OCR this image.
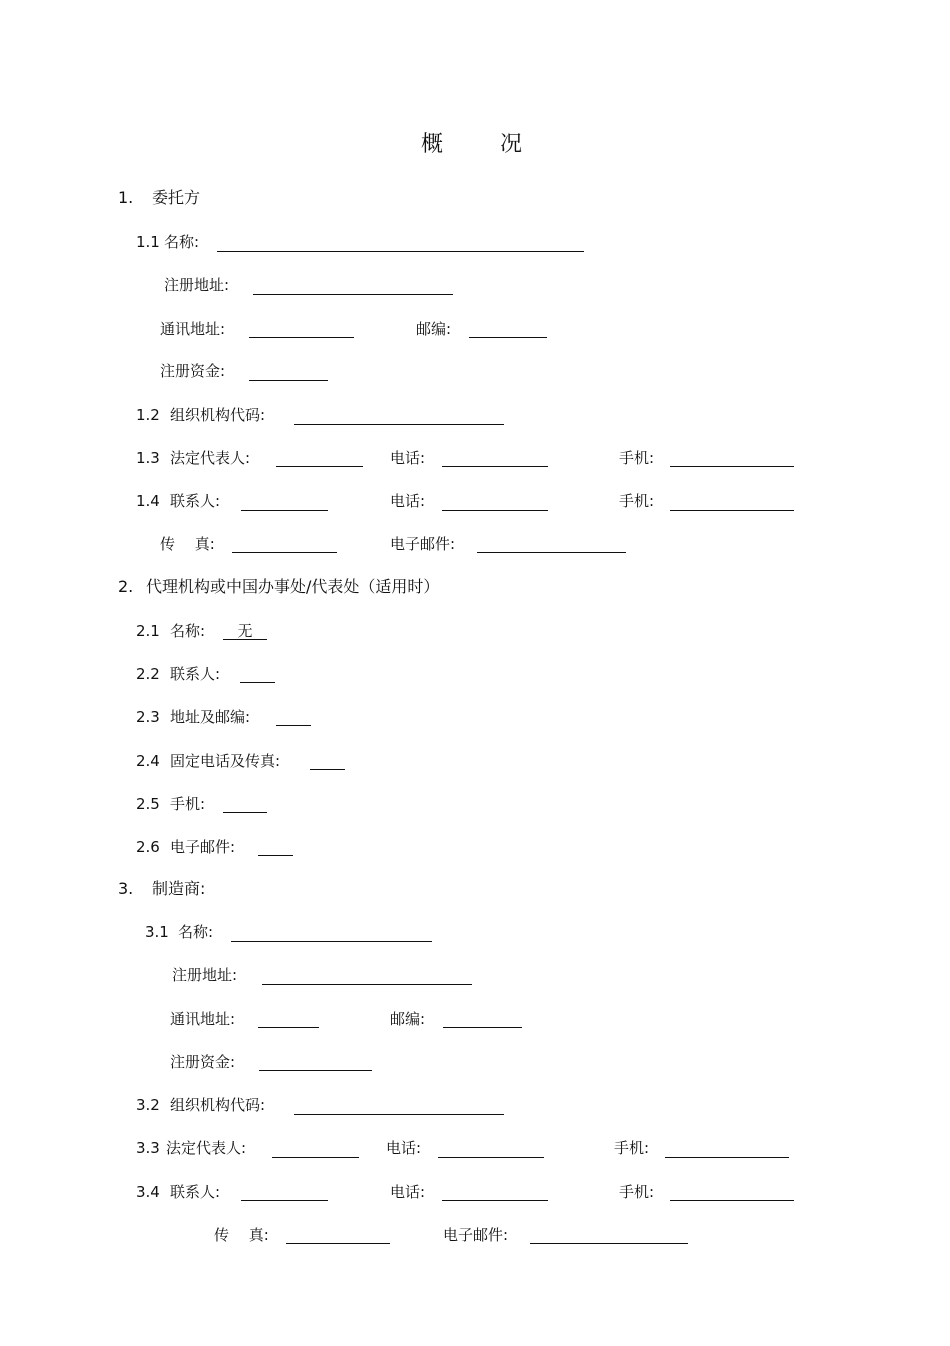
概	况
1. 委托方
1.1 名称:
注册地址:
通讯地址:	邮编:
注册资金:
1.2 组织机构代码:
1.3 法定代表人:	电话:	手机:
1.4 联系人:	电话:	手机:
传　 真:	电子邮件:
2. 代理机构或中国办事处/代表处（适用时）
2.1 名称:	无
2.2 联系人:
2.3 地址及邮编:
2.4 固定电话及传真:
2.5 手机:
2.6 电子邮件:
3. 制造商:
3.1 名称:
注册地址:
通讯地址:	邮编:
注册资金:
3.2 组织机构代码:
3.3 法定代表人:	电话:	手机:
3.4 联系人:	电话:	手机:
传　 真:	电子邮件:
